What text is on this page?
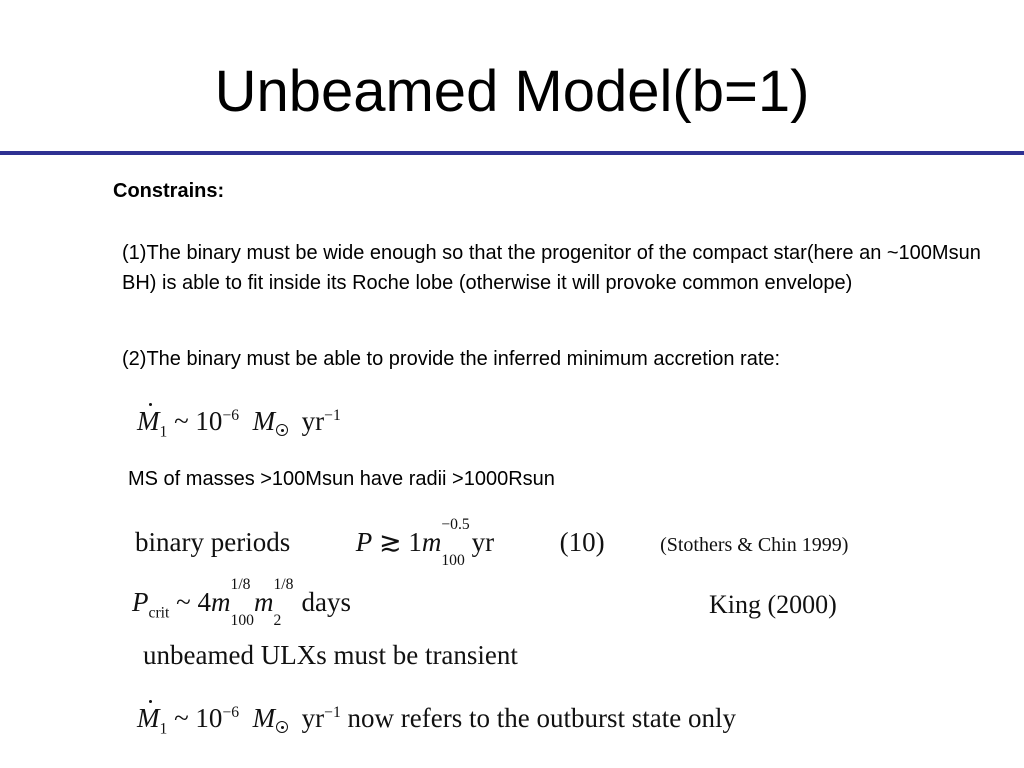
Unbeamed Model(b=1)
Constrains:
(1)The binary must be wide enough so that the progenitor of the compact star(here an ~100Msun BH) is able to fit inside its Roche lobe (otherwise it will provoke common envelope)
(2)The binary must be able to provide the inferred minimum accretion rate:
$M_1$ ~ $10^{-6}$ M $yr^{-1}$
MS of masses >100Msun have radii >1000Rsun
binary periods P ≳ 1m
−0.5
$_{100}$ yr (10)	(Stothers & Chin 1999)
$P_{crit}$ ~ 4m
1/8
$_{100}$m
1/8
$_2$   days	King (2000)
unbeamed ULXs must be transient
$M_1$ ~ $10^{-6}$ M $yr^{-1}$ now refers to the outburst state only
